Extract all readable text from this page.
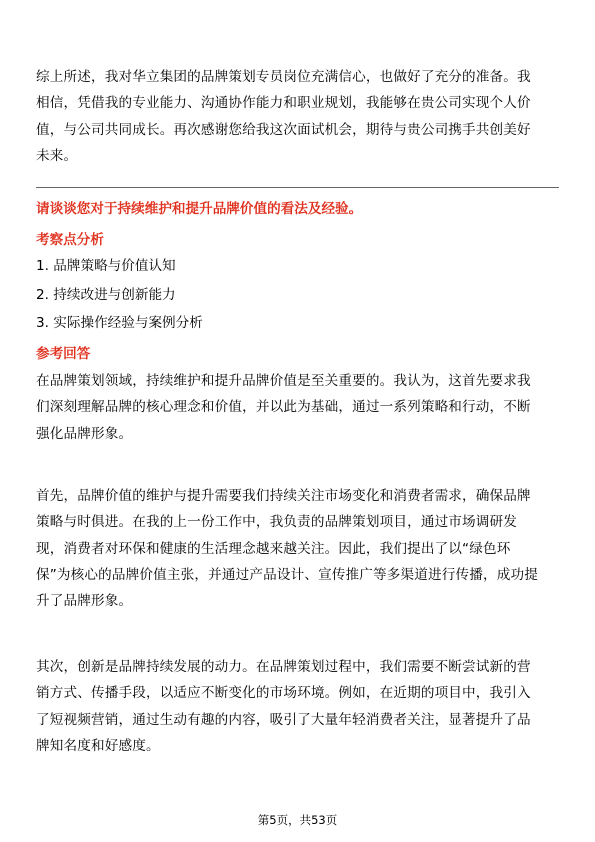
综上所述，我对华立集团的品牌策划专员岗位充满信心，也做好了充分的准备。我
相信，凭借我的专业能力、沟通协作能力和职业规划，我能够在贵公司实现个人价
值，与公司共同成长。再次感谢您给我这次面试机会，期待与贵公司携手共创美好
未来。

请谈谈您对于持续维护和提升品牌价值的看法及经验。

考察点分析

1. 品牌策略与价值认知

2. 持续改进与创新能力

3. 实际操作经验与案例分析

参考回答

在品牌策划领域，持续维护和提升品牌价值是至关重要的。我认为，这首先要求我
们深刻理解品牌的核心理念和价值，并以此为基础，通过一系列策略和行动，不断
强化品牌形象。

首先，品牌价值的维护与提升需要我们持续关注市场变化和消费者需求，确保品牌
策略与时俱进。在我的上一份工作中，我负责的品牌策划项目，通过市场调研发
现，消费者对环保和健康的生活理念越来越关注。因此，我们提出了以“绿色环
保”为核心的品牌价值主张，并通过产品设计、宣传推广等多渠道进行传播，成功提
升了品牌形象。

其次，创新是品牌持续发展的动力。在品牌策划过程中，我们需要不断尝试新的营
销方式、传播手段，以适应不断变化的市场环境。例如，在近期的项目中，我引入
了短视频营销，通过生动有趣的内容，吸引了大量年轻消费者关注，显著提升了品
牌知名度和好感度。

第5页，共53页
